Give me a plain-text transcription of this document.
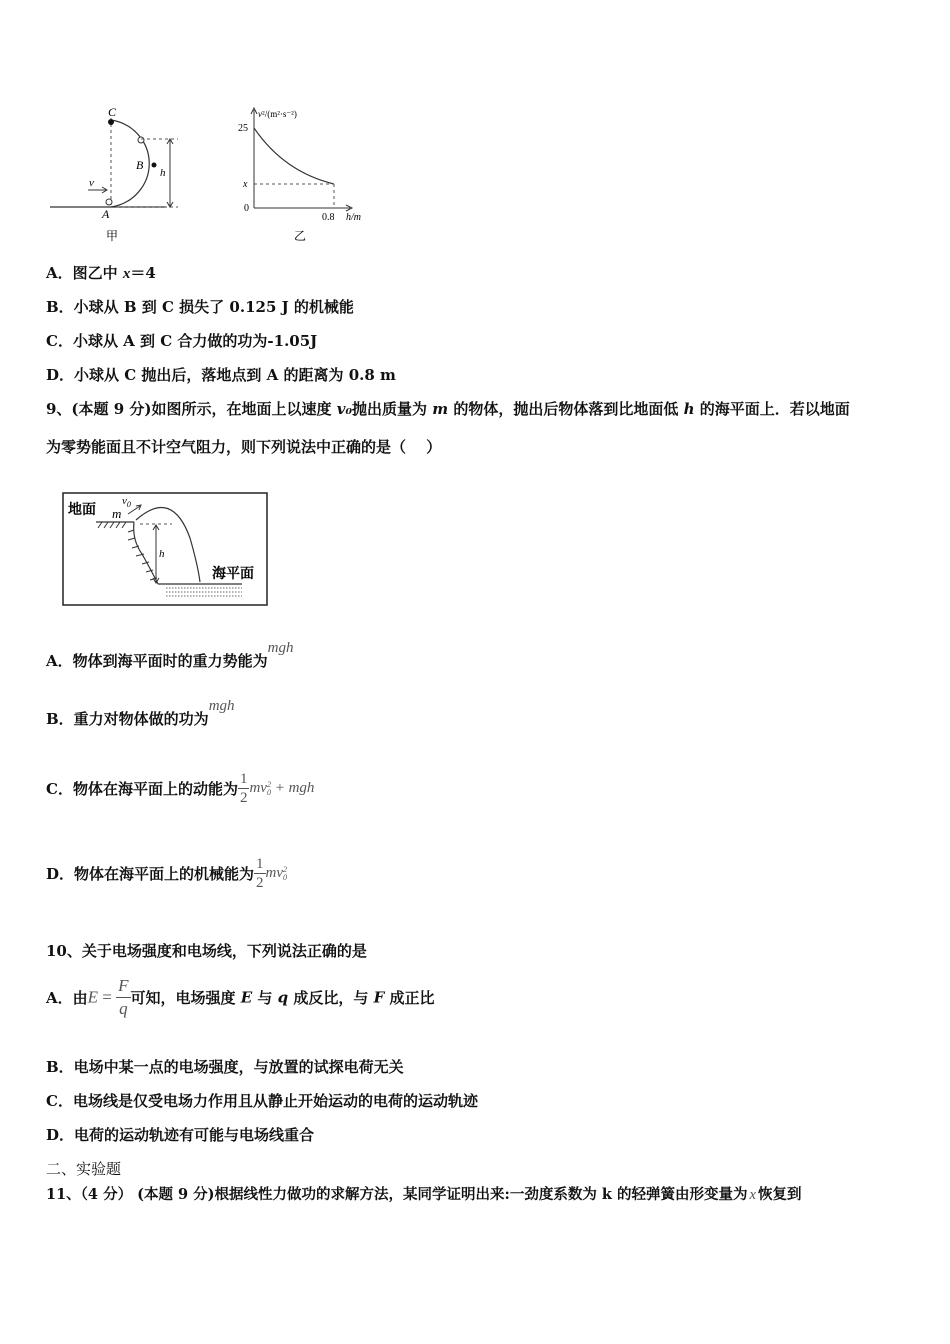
C
B
A
h
v
甲
v²/(m²·s⁻²)
25
x
0
0.8 h/m
乙
A．图乙中 x＝4
B．小球从 B 到 C 损失了 0.125 J 的机械能
C．小球从 A 到 C 合力做的功为-1.05J
D．小球从 C 抛出后，落地点到 A 的距离为 0.8 m
9、(本题 9 分)如图所示，在地面上以速度 v₀抛出质量为 m 的物体，抛出后物体落到比地面低 h 的海平面上．若以地面
为零势能面且不计空气阻力，则下列说法中正确的是（　 ）
地面 m
$v_0$
h
海平面
A．物体到海平面时的重力势能为mgh
B．重力对物体做的功为mgh
C．物体在海平面上的动能为 $\frac{1}{2}$ mv 2
0 + mgh
D．物体在海平面上的机械能为 $\frac{1}{2}$ mv 2
0
10、关于电场强度和电场线，下列说法正确的是
A．由$E = \frac{F}{q}$ 可知，电场强度 E 与 q 成反比，与 F 成正比
B．电场中某一点的电场强度，与放置的试探电荷无关
C．电场线是仅受电场力作用且从静止开始运动的电荷的运动轨迹
D．电荷的运动轨迹有可能与电场线重合
二、实验题
11、（4 分） (本题 9 分)根据线性力做功的求解方法，某同学证明出来:一劲度系数为 k 的轻弹簧由形变量为 x 恢复到
